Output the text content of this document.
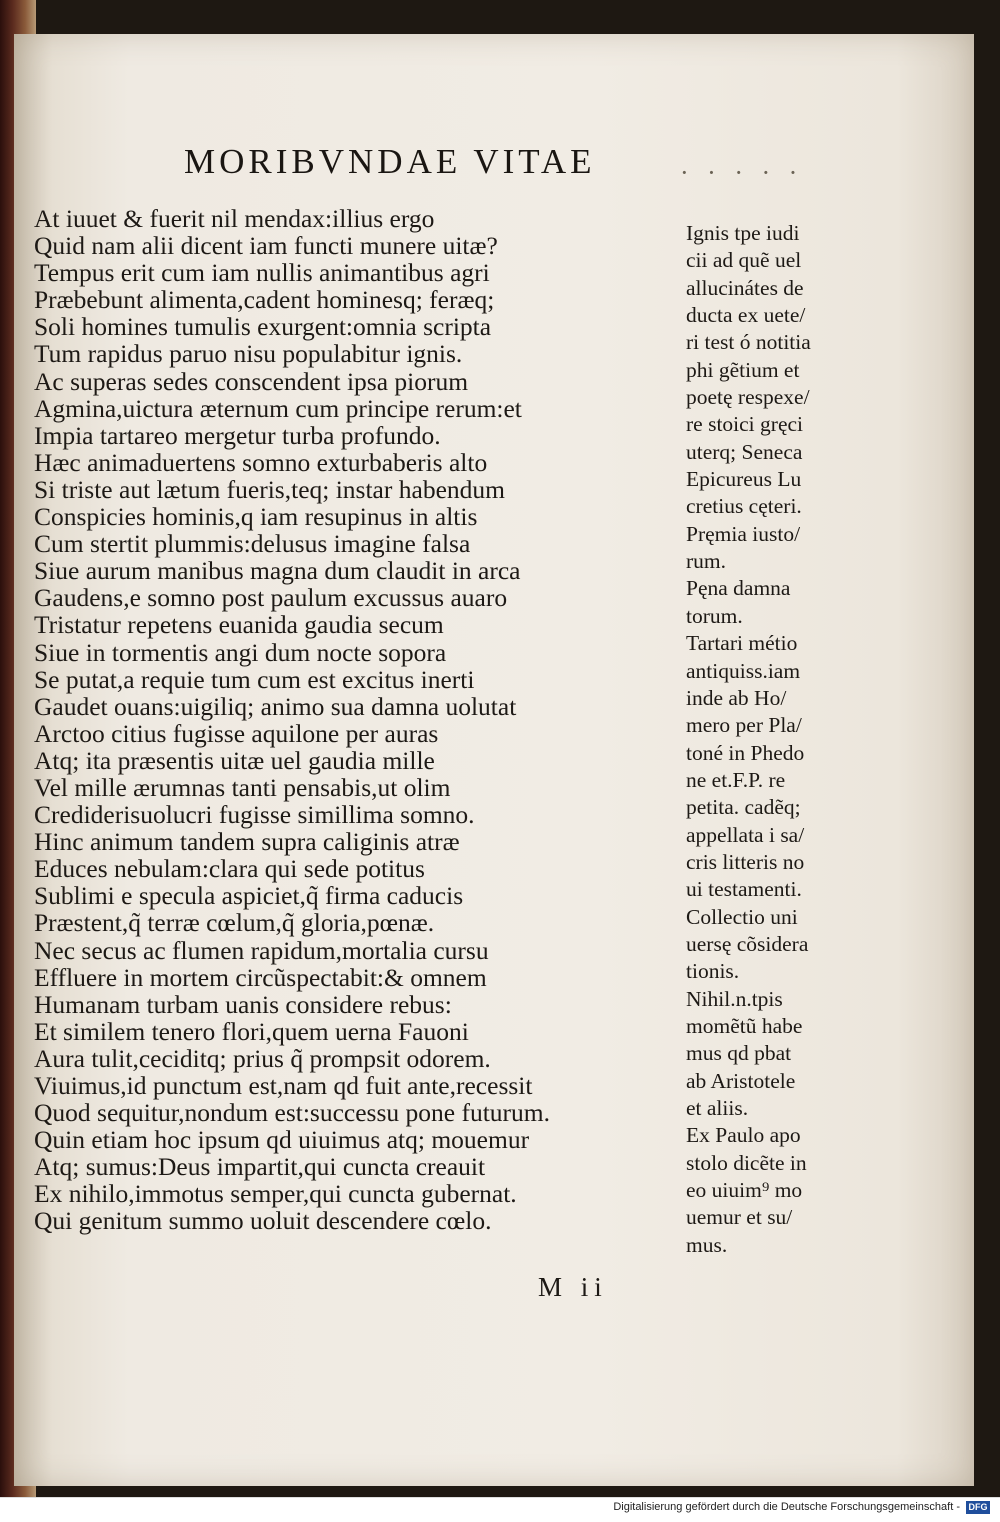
MORIBVNDAE VITAE	· · · · ·
At iuuet & fuerit nil mendax:illius ergo
Quid nam alii dicent iam functi munere uitæ?
Tempus erit cum iam nullis animantibus agri
Præbebunt alimenta,cadent hominesq; feræq;
Soli homines tumulis exurgent:omnia scripta
Tum rapidus paruo nisu populabitur ignis.
Ac superas sedes conscendent ipsa piorum
Agmina,uictura æternum cum principe rerum:et
Impia tartareo mergetur turba profundo.
Hæc animaduertens somno exturbaberis alto
Si triste aut lætum fueris,teq; instar habendum
Conspicies hominis,q iam resupinus in altis
Cum stertit plummis:delusus imagine falsa
Siue aurum manibus magna dum claudit in arca
Gaudens,e somno post paulum excussus auaro
Tristatur repetens euanida gaudia secum
Siue in tormentis angi dum nocte sopora
Se putat,a requie tum cum est excitus inerti
Gaudet ouans:uigiliq; animo sua damna uolutat
Arctoo citius fugisse aquilone per auras
Atq; ita præsentis uitæ uel gaudia mille
Vel mille ærumnas tanti pensabis,ut olim
Crediderisuolucri fugisse simillima somno.
Hinc animum tandem supra caliginis atræ
Educes nebulam:clara qui sede potitus
Sublimi e specula aspiciet,q̃ firma caducis
Præstent,q̃ terræ cœlum,q̃ gloria,pœnæ.
Nec secus ac flumen rapidum,mortalia cursu
Effluere in mortem circũspectabit:& omnem
Humanam turbam uanis considere rebus:
Et similem tenero flori,quem uerna Fauoni
Aura tulit,ceciditq; prius q̃ prompsit odorem.
Viuimus,id punctum est,nam qd fuit ante,recessit
Quod sequitur,nondum est:successu pone futurum.
Quin etiam hoc ipsum qd uiuimus atq; mouemur
Atq; sumus:Deus impartit,qui cuncta creauit
Ex nihilo,immotus semper,qui cuncta gubernat.
Qui genitum summo uoluit descendere cœlo.
Ignis tpe iudi
cii ad quẽ uel
allucinátes de
ducta ex uete/
ri test ó notitia
phi gẽtium et
poetę respexe/
re stoici gręci
uterq; Seneca
Epicureus Lu
cretius cęteri.
Pręmia iusto/
rum.
Pęna damna
torum.
Tartari métio
antiquiss.iam
inde ab Ho/
mero per Pla/
toné in Phedo
ne et.F.P. re
petita. cadẽq;
appellata i sa/
cris litteris no
ui testamenti.
Collectio uni
uersę cõsidera
tionis.
Nihil.n.tpis
momẽtũ habe
mus qd pbat
ab Aristotele
et aliis.
Ex Paulo apo
stolo dicẽte in
eo uiuim⁹ mo
uemur et su/
mus.
M ii
Digitalisierung gefördert durch die Deutsche Forschungsgemeinschaft - DFG
